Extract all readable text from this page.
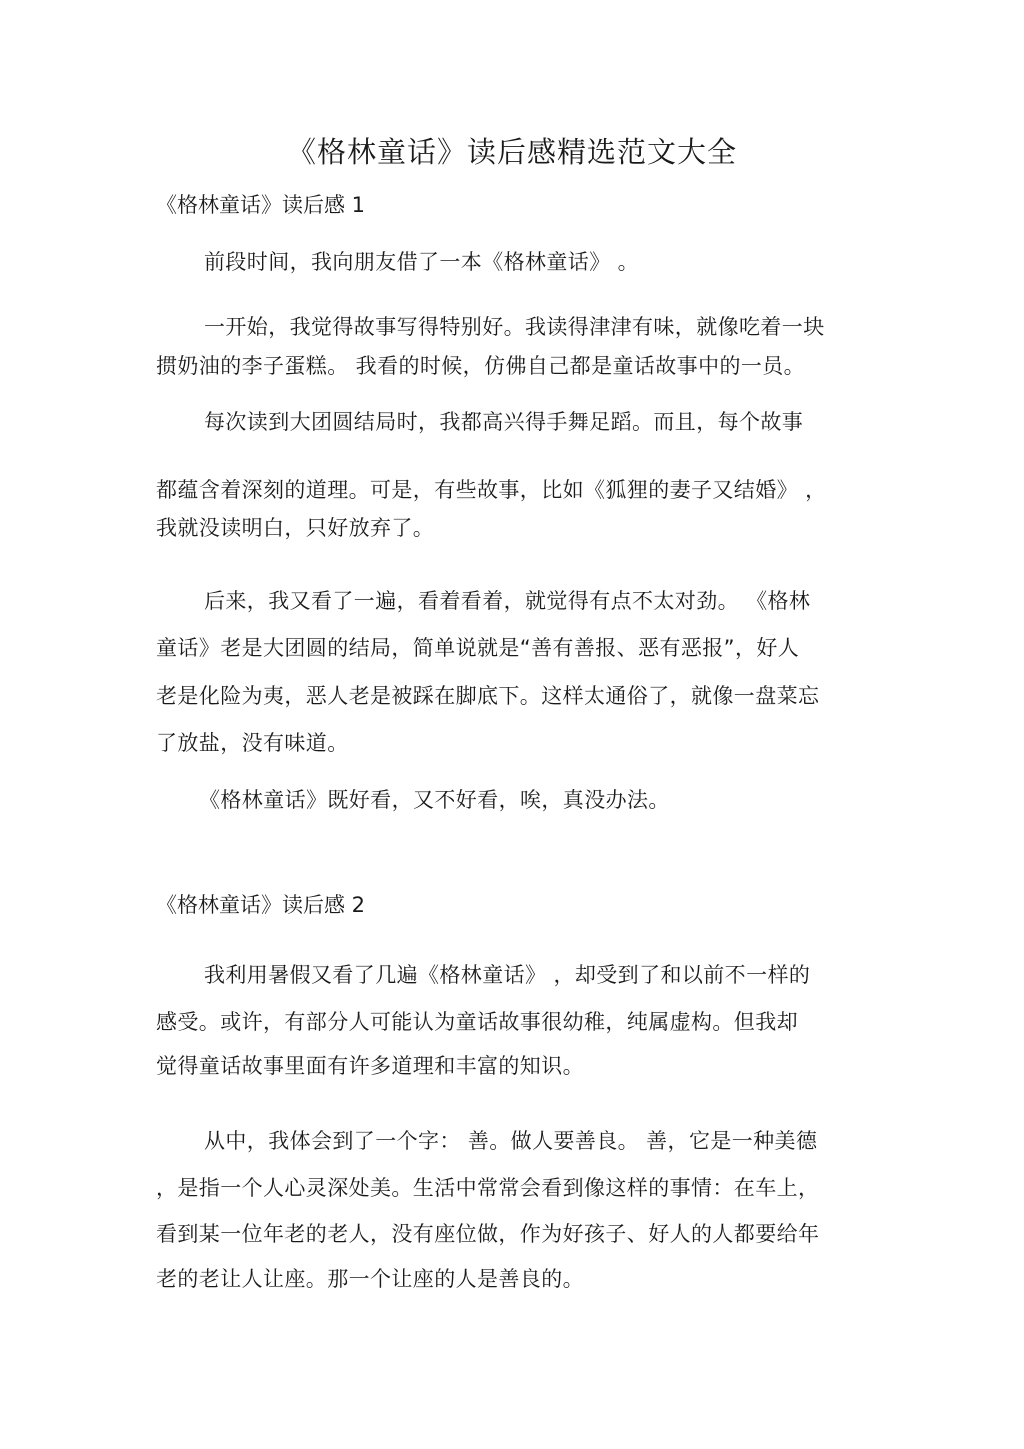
《格林童话》读后感精选范文大全
《格林童话》读后感 1
前段时间，我向朋友借了一本《格林童话》 。
一开始，我觉得故事写得特别好。我读得津津有味，就像吃着一块
掼奶油的李子蛋糕。 我看的时候，仿佛自己都是童话故事中的一员。
每次读到大团圆结局时，我都高兴得手舞足蹈。而且，每个故事
都蕴含着深刻的道理。可是，有些故事，比如《狐狸的妻子又结婚》 ，
我就没读明白，只好放弃了。
后来，我又看了一遍，看着看着，就觉得有点不太对劲。 《格林
童话》老是大团圆的结局，简单说就是“善有善报、恶有恶报”，好人
老是化险为夷，恶人老是被踩在脚底下。这样太通俗了，就像一盘菜忘
了放盐，没有味道。
《格林童话》既好看，又不好看，唉，真没办法。
《格林童话》读后感 2
我利用暑假又看了几遍《格林童话》 ，却受到了和以前不一样的
感受。或许，有部分人可能认为童话故事很幼稚，纯属虚构。但我却
觉得童话故事里面有许多道理和丰富的知识。
从中，我体会到了一个字： 善。做人要善良。 善，它是一种美德
，是指一个人心灵深处美。生活中常常会看到像这样的事情：在车上，
看到某一位年老的老人，没有座位做，作为好孩子、好人的人都要给年
老的老让人让座。那一个让座的人是善良的。
